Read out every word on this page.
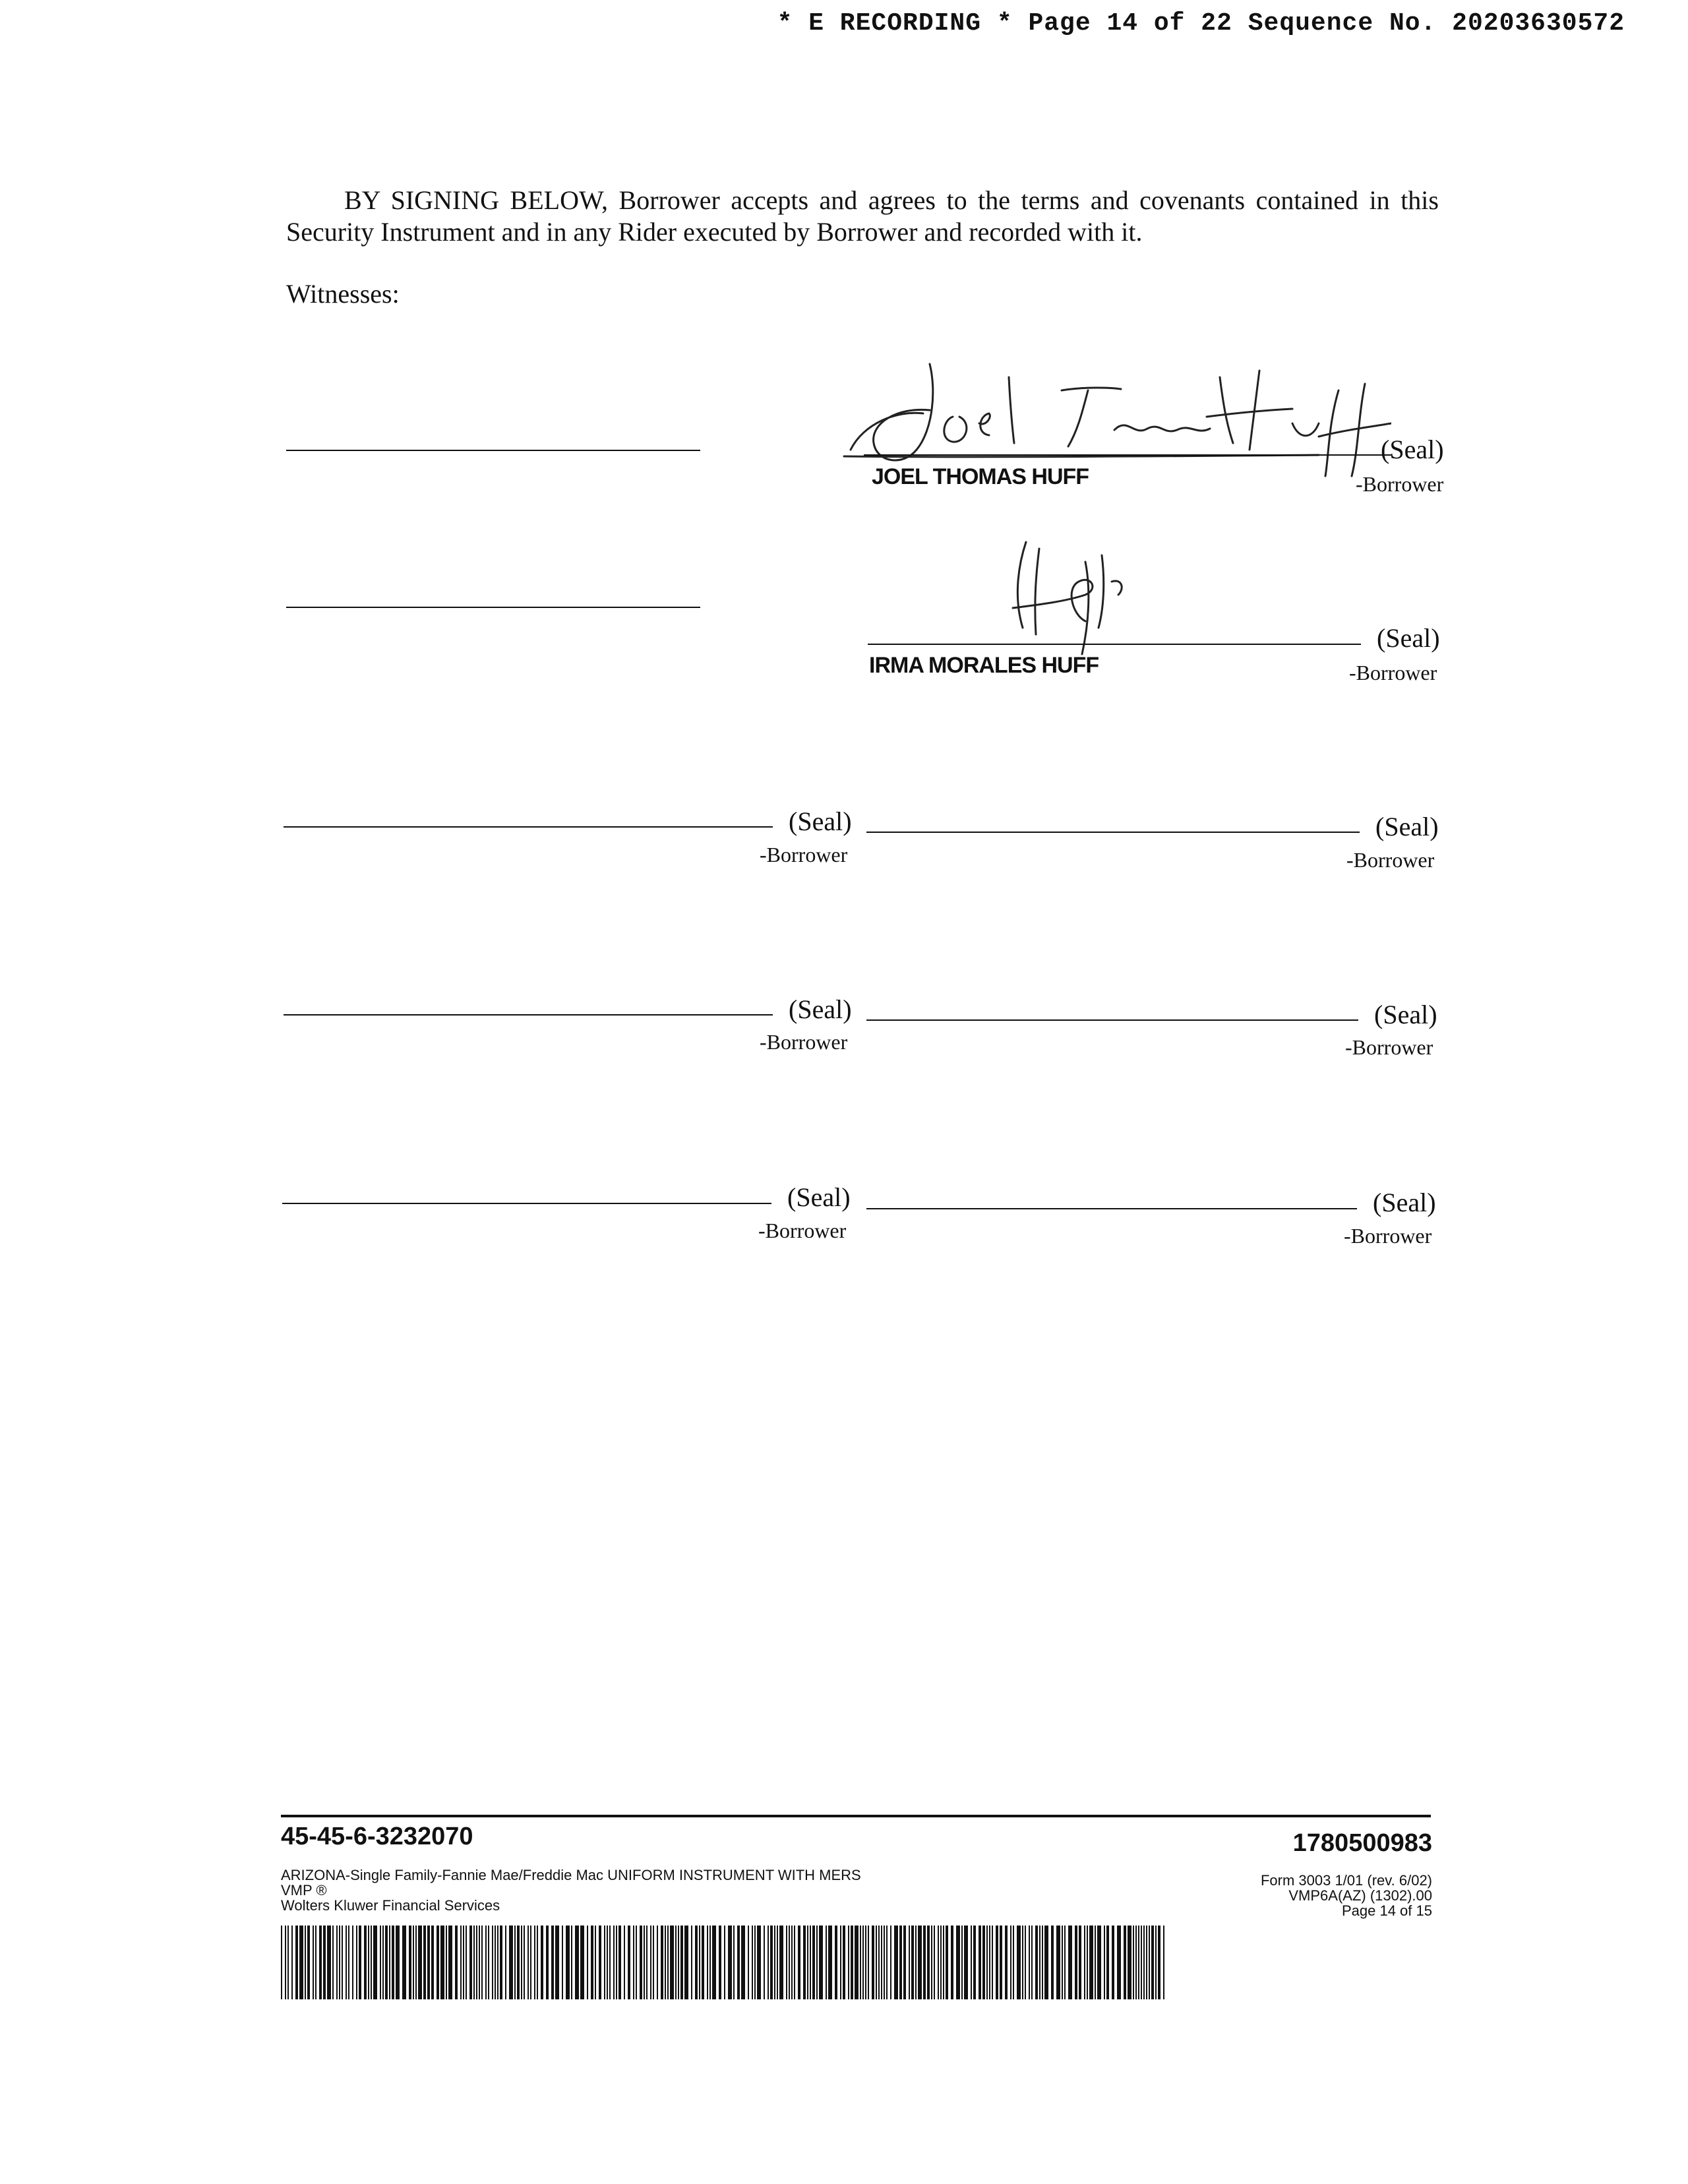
* E RECORDING * Page 14 of 22 Sequence No. 20203630572
BY SIGNING BELOW, Borrower accepts and agrees to the terms and covenants contained in this Security Instrument and in any Rider executed by Borrower and recorded with it.
Witnesses:
(Seal)
JOEL THOMAS HUFF	-Borrower
(Seal)
IRMA MORALES HUFF	-Borrower
(Seal)
-Borrower
(Seal)
-Borrower
(Seal)
-Borrower
(Seal)
-Borrower
(Seal)
-Borrower
(Seal)
-Borrower
45-45-6-3232070	1780500983
ARIZONA-Single Family-Fannie Mae/Freddie Mac UNIFORM INSTRUMENT WITH MERS
VMP ®
Wolters Kluwer Financial Services
Form 3003 1/01 (rev. 6/02)
VMP6A(AZ) (1302).00
Page 14 of 15
